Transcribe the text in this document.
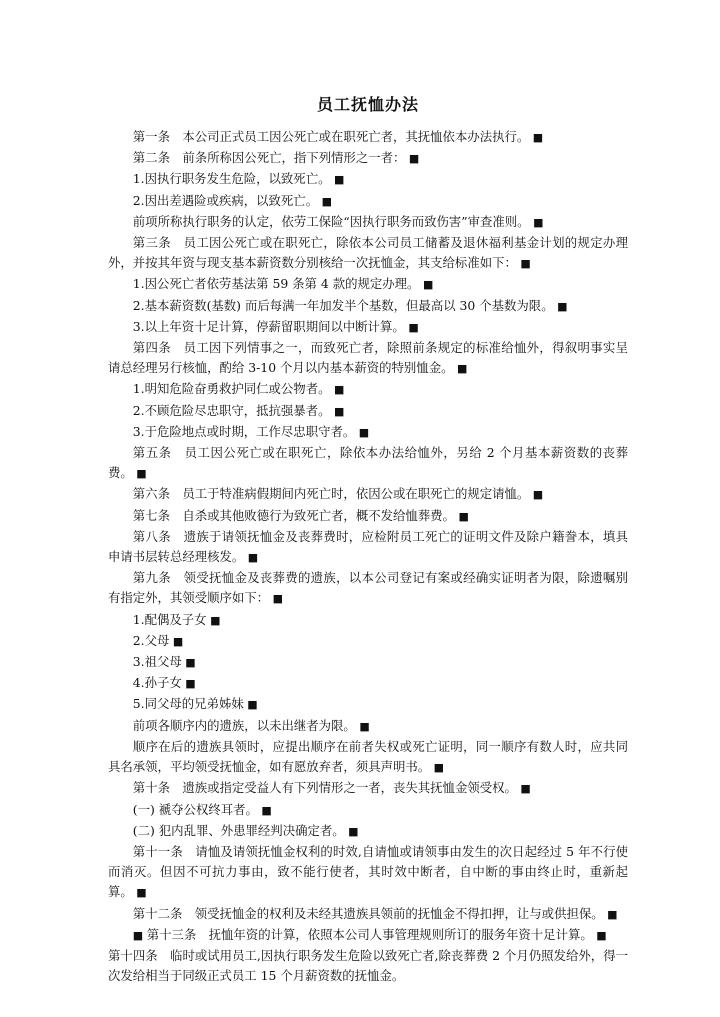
员工抚恤办法

第一条　本公司正式员工因公死亡或在职死亡者，其抚恤依本办法执行。 ■

第二条　前条所称因公死亡，指下列情形之一者： ■

1.因执行职务发生危险，以致死亡。 ■

2.因出差遇险或疾病，以致死亡。 ■

前项所称执行职务的认定，依劳工保险“因执行职务而致伤害”审查准则。 ■

第三条　员工因公死亡或在职死亡，除依本公司员工储蓄及退休福利基金计划的规定办理外，并按其年资与现支基本薪资数分别核给一次抚恤金，其支给标准如下： ■

1.因公死亡者依劳基法第 59 条第 4 款的规定办理。 ■

2.基本薪资数(基数) 而后每满一年加发半个基数，但最高以 30 个基数为限。 ■

3.以上年资十足计算，停薪留职期间以中断计算。 ■

第四条　员工因下列情事之一，而致死亡者，除照前条规定的标准给恤外，得叙明事实呈请总经理另行核恤，酌给 3-10 个月以内基本薪资的特别恤金。 ■

1.明知危险奋勇救护同仁或公物者。 ■

2.不顾危险尽忠职守，抵抗强暴者。 ■

3.于危险地点或时期，工作尽忠职守者。 ■

第五条　员工因公死亡或在职死亡，除依本办法给恤外，另给 2 个月基本薪资数的丧葬费。 ■

第六条　员工于特准病假期间内死亡时，依因公或在职死亡的规定请恤。 ■

第七条　自杀或其他败德行为致死亡者，概不发给恤葬费。 ■

第八条　遗族于请领抚恤金及丧葬费时，应检附员工死亡的证明文件及除户籍誊本，填具申请书层转总经理核发。 ■

第九条　领受抚恤金及丧葬费的遗族，以本公司登记有案或经确实证明者为限，除遗嘱别有指定外，其领受顺序如下： ■

1.配偶及子女 ■

2.父母 ■

3.祖父母 ■

4.孙子女 ■

5.同父母的兄弟姊妹 ■

前项各顺序内的遗族，以未出继者为限。 ■

顺序在后的遗族具领时，应提出顺序在前者失权或死亡证明，同一顺序有数人时，应共同具名承领，平均领受抚恤金，如有愿放弃者，须具声明书。 ■

第十条　遗族或指定受益人有下列情形之一者，丧失其抚恤金领受权。 ■

(一) 褫夺公权终耳者。 ■

(二) 犯内乱罪、外患罪经判决确定者。 ■

第十一条　请恤及请领抚恤金权利的时效,自请恤或请领事由发生的次日起经过 5 年不行使而消灭。但因不可抗力事由，致不能行使者，其时效中断者，自中断的事由终止时，重新起算。 ■

第十二条　领受抚恤金的权利及未经其遗族具领前的抚恤金不得扣押，让与或供担保。 ■

■ 第十三条　抚恤年资的计算，依照本公司人事管理规则所订的服务年资十足计算。 ■

第十四条　临时或试用员工,因执行职务发生危险以致死亡者,除丧葬费 2 个月仍照发给外，得一次发给相当于同级正式员工 15 个月薪资数的抚恤金。
